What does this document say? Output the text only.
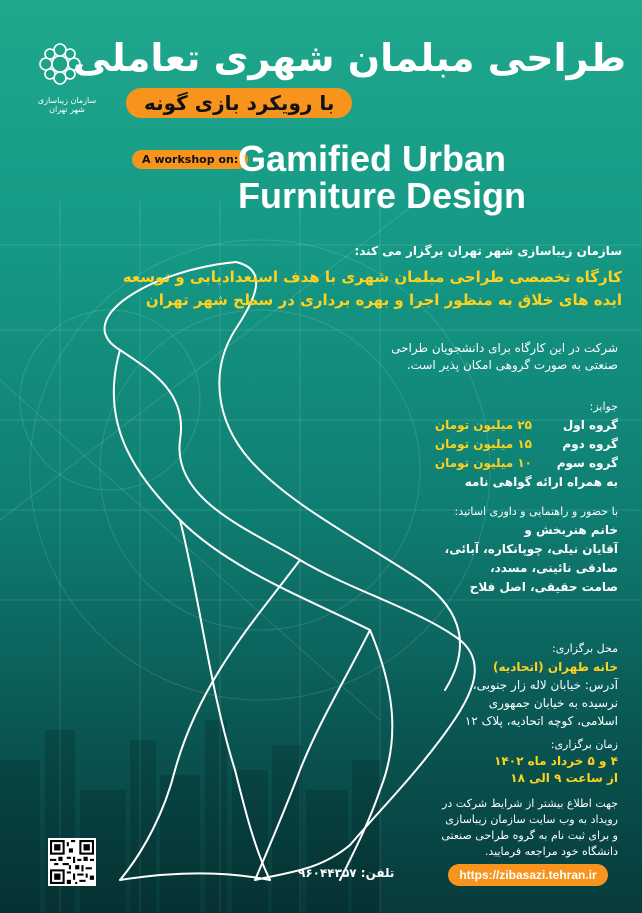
سازمان زیباسازی شهر تهران
طراحی مبلمان شهری تعاملی
با رویکرد بازی گونه
A workshop on: Gamified Urban
Furniture Design
سازمان زیباسازی شهر تهران برگزار می کند:
کارگاه تخصصی طراحی مبلمان شهری با هدف استعدادیابی و توسعه
ایده های خلاق به منظور اجرا و بهره برداری در سطح شهر تهران
شرکت در این کارگاه برای دانشجویان طراحی
صنعتی به صورت گروهی امکان پذیر است.
جوایز:
گروه اول
۲۵ میلیون تومان
گروه دوم
۱۵ میلیون تومان
گروه سوم
۱۰ میلیون تومان
به همراه ارائه گواهی نامه
با حضور و راهنمایی و داوری اساتید:
خانم هنربخش و
آقایان نیلی، چوپانکاره، آبائی،
صادقی نائینی، مسدد،
صامت حقیقی، اصل فلاح
محل برگزاری:
خانه طهران (اتحادیه)
آدرس: خیابان لاله زار جنوبی،
نرسیده به خیابان جمهوری
اسلامی، کوچه اتحادیه، پلاک ۱۲
زمان برگزاری:
۴ و ۵ خرداد ماه ۱۴۰۲
از ساعت ۹ الی ۱۸
جهت اطلاع بیشتر از شرایط شرکت در
رویداد به وب سایت سازمان زیباسازی
و برای ثبت نام به گروه طراحی صنعتی
دانشگاه خود مراجعه فرمایید.
https://zibasazi.tehran.ir
تلفن: ۹۶۰۴۴۳۵۷
